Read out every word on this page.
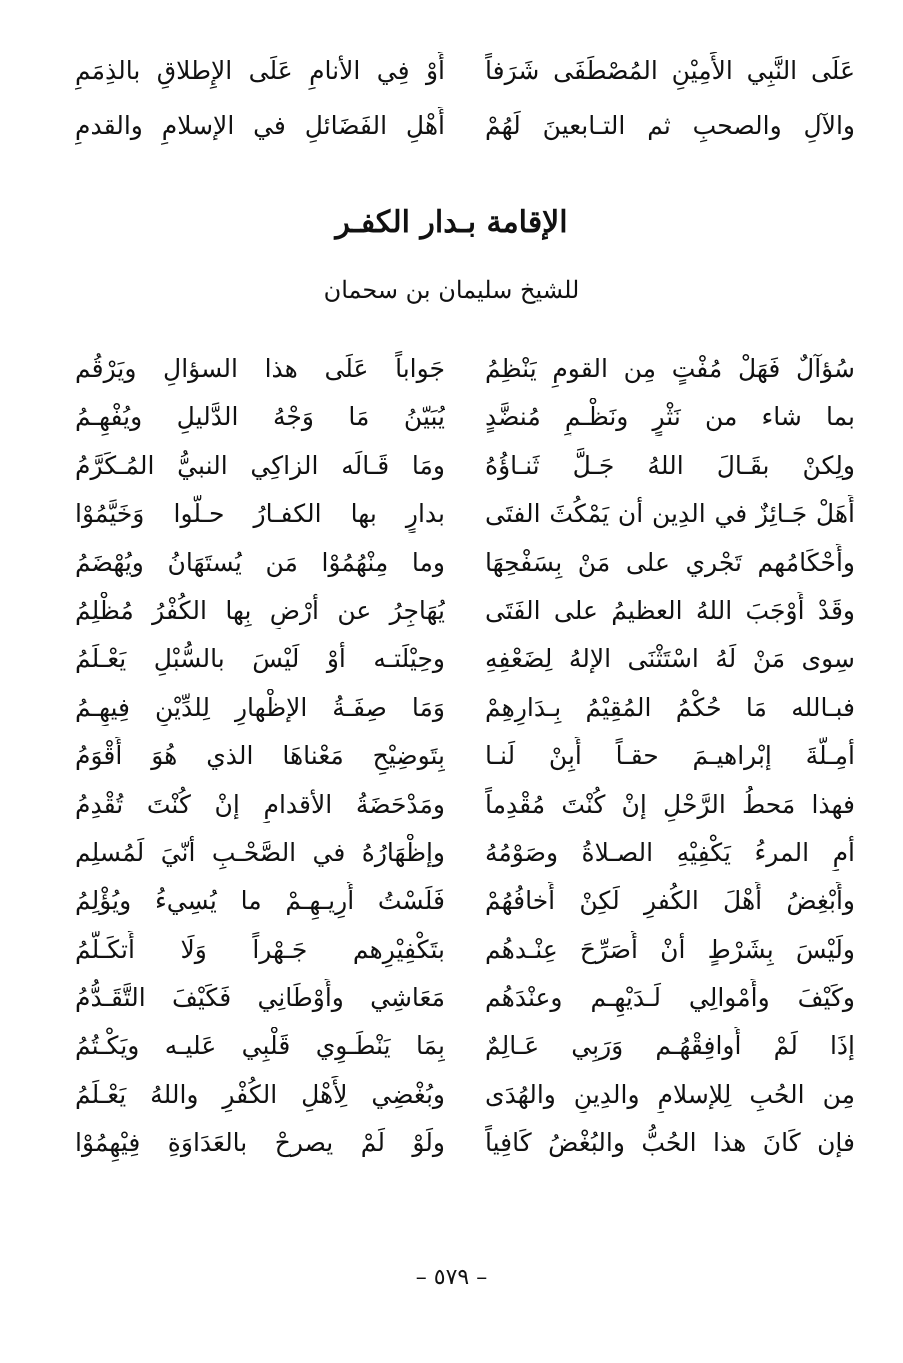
عَلَى النَّبِي الأَمِيْنِ المُصْطَفَى شَرَفاً
أَوْ فِي الأنامِ عَلَى الإِطلاقِ بالذِمَمِ
والآلِ والصحبِ ثم التـابعينَ لَهُمْ
أَهْلِ الفَضَائلِ في الإسلامِ والقدمِ
الإقامة بـدار الكفـر

للشيخ سليمان بن سحمان

سُؤآلٌ فَهَلْ مُفْتٍ مِن القومِ يَنْظِمُ
جَواباً عَلَى هذا السؤالِ ويَرْقُم
بما شاء من نَثْرٍ ونَظْـمٍ مُنضَّدٍ
يُبَيّنُ مَا وَجْهُ الدَّليلِ ويُفْهِـمُ
ولِكنْ بقَـالَ اللهُ جَـلَّ ثَنـاؤُهُ
ومَا قَـالَه الزاكِي النبيُّ المُـكَرَّمُ
أَهَلْ جَـائِزٌ في الدِين أن يَمْكُثَ الفتَى
بدارٍ بها الكفـارُ حـلُّوا وَخَيَّمُوْا
وأَحْكَامُهم تَجْري على مَنْ بِسَفْحِهَا
وما مِنْهُمُوْا مَن يُستَهَانُ ويُهْضَمُ
وقَدْ أَوْجَبَ اللهُ العظيمُ على الفَتَى
يُهَاجِرُ عن أرْضٍ بِها الكُفْرُ مُظْلِمُ
سِوى مَنْ لَهُ اسْتَثْنَى الإلهُ لِضَعْفِهِ
وحِيْلَتـه أوْ لَيْسَ بالسُّبْلِ يَعْـلَمُ
فبـالله مَا حُكْمُ المُقِيْمُ بِـدَارِهِمْ
وَمَا صِفَـةُ الإظْهارِ لِلدِّيْنِ فِيهِـمُ
أمِـلَّةَ إبْراهيـمَ حقـاً أَبِنْ لَنـا
بِتَوضِيْحِ مَعْناهَا الذي هُوَ أَقْوَمُ
فهذا مَحطُ الرَّحْلِ إنْ كُنْتَ مُقْدِماً
ومَدْحَضَةُ الأقدامِ إنْ كُنْتَ تُقْدِمُ
أمِ المرءُ يَكْفِيْهِ الصـلاةُ وصَوْمُهُ
وإظْهَارُهُ في الصَّحْـبِ أنّيَ لَمُسلِم
وأَبْغِضُ أَهْلَ الكُفرِ لَكِنْ أَخافُهُمْ
فَلَسْتُ أُرِيـهِـمْ ما يُسِيءُ ويُؤْلِمُ
ولَيْسَ بِشَرْطٍ أنْ أُصَرِّحَ عِنْـدهُم
بتَكْفِيْرِهم جَـهْراً وَلَا أَتكَـلَّمُ
وكَيْفَ وأَمْوالِي لَـدَيْهِـم وعنْدَهُم
مَعَاشِي وأَوْطَانِي فَكَيْفَ التَّقَـدُّمُ
إذَا لَمْ أُوافِقْهُـم وَرَبِي عَـالِمٌ
بِمَا يَنْطَـوِي قَلْبِي عَليـه ويَكْـتُمُ
مِن الحُبِ لِلإسلامِ والدِينِ والهُدَى
وبُغْضِي لِأَهْلِ الكُفْرِ واللهُ يَعْـلَمُ
فإن كَانَ هذا الحُبُّ والبُغْضُ كَافِياً
ولَوْ لَمْ يصرحْ بالعَدَاوَةِ فِيْهِمُوْا
– ٥٧٩ –
